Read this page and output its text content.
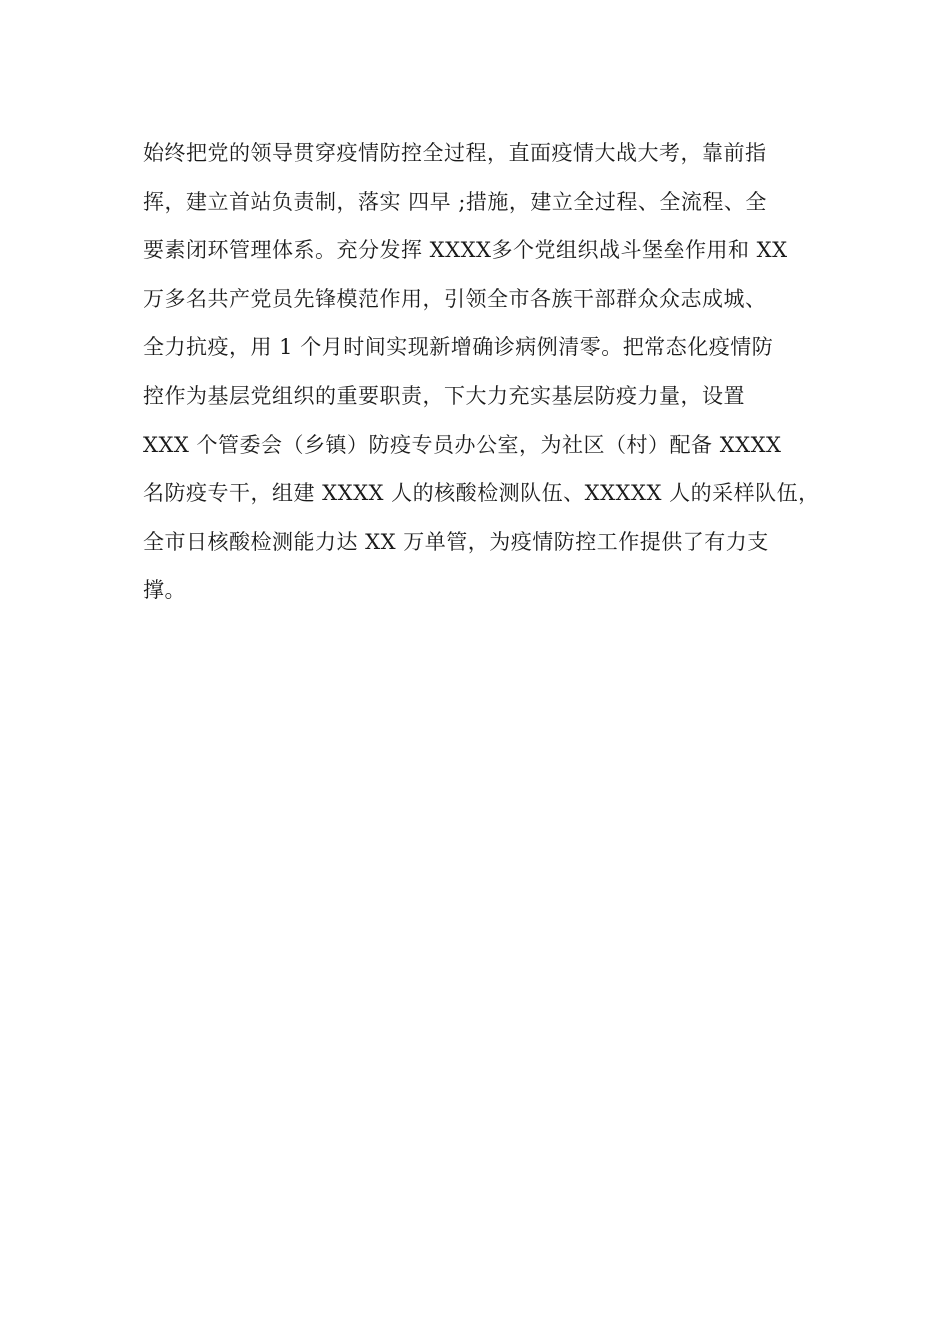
始终把党的领导贯穿疫情防控全过程，直面疫情大战大考，靠前指
挥，建立首站负责制，落实 四早 ;措施，建立全过程、全流程、全
要素闭环管理体系。充分发挥 XXXX多个党组织战斗堡垒作用和 XX
万多名共产党员先锋模范作用，引领全市各族干部群众众志成城、
全力抗疫，用 1 个月时间实现新增确诊病例清零。把常态化疫情防
控作为基层党组织的重要职责，下大力充实基层防疫力量，设置
XXX 个管委会（乡镇）防疫专员办公室，为社区（村）配备 XXXX
名防疫专干，组建 XXXX 人的核酸检测队伍、XXXXX 人的采样队伍，
全市日核酸检测能力达 XX 万单管，为疫情防控工作提供了有力支
撑。
